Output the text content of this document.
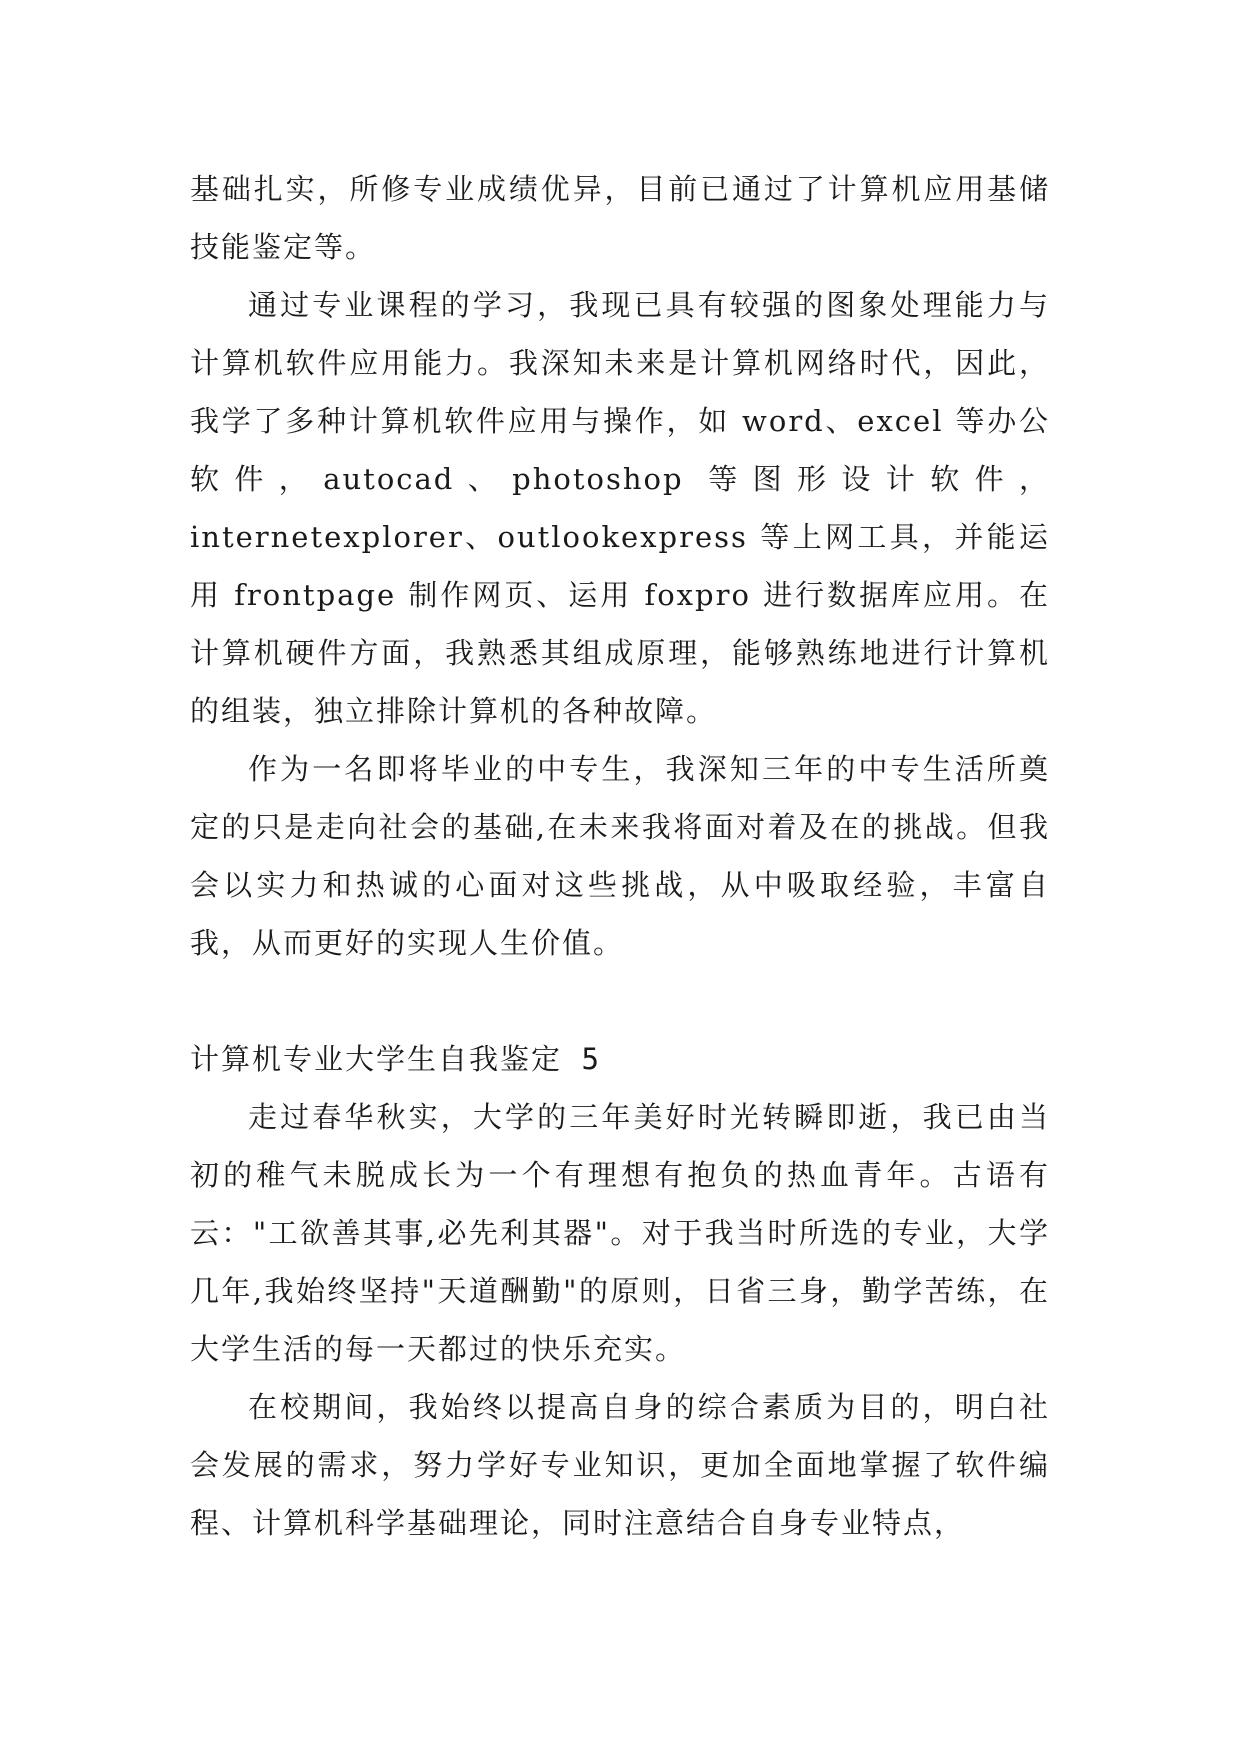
基础扎实，所修专业成绩优异，目前已通过了计算机应用基储技能鉴定等。

通过专业课程的学习，我现已具有较强的图象处理能力与计算机软件应用能力。我深知未来是计算机网络时代，因此，我学了多种计算机软件应用与操作，如 word、excel 等办公软件，autocad、photoshop 等图形设计软件，internetexplorer、outlookexpress 等上网工具，并能运用 frontpage 制作网页、运用 foxpro 进行数据库应用。在计算机硬件方面，我熟悉其组成原理，能够熟练地进行计算机的组装，独立排除计算机的各种故障。

作为一名即将毕业的中专生，我深知三年的中专生活所奠定的只是走向社会的基础,在未来我将面对着及在的挑战。但我会以实力和热诚的心面对这些挑战，从中吸取经验，丰富自我，从而更好的实现人生价值。

计算机专业大学生自我鉴定 5

走过春华秋实，大学的三年美好时光转瞬即逝，我已由当初的稚气未脱成长为一个有理想有抱负的热血青年。古语有云："工欲善其事,必先利其器"。对于我当时所选的专业，大学几年,我始终坚持"天道酬勤"的原则，日省三身，勤学苦练，在大学生活的每一天都过的快乐充实。

在校期间，我始终以提高自身的综合素质为目的，明白社会发展的需求，努力学好专业知识，更加全面地掌握了软件编程、计算机科学基础理论，同时注意结合自身专业特点，
